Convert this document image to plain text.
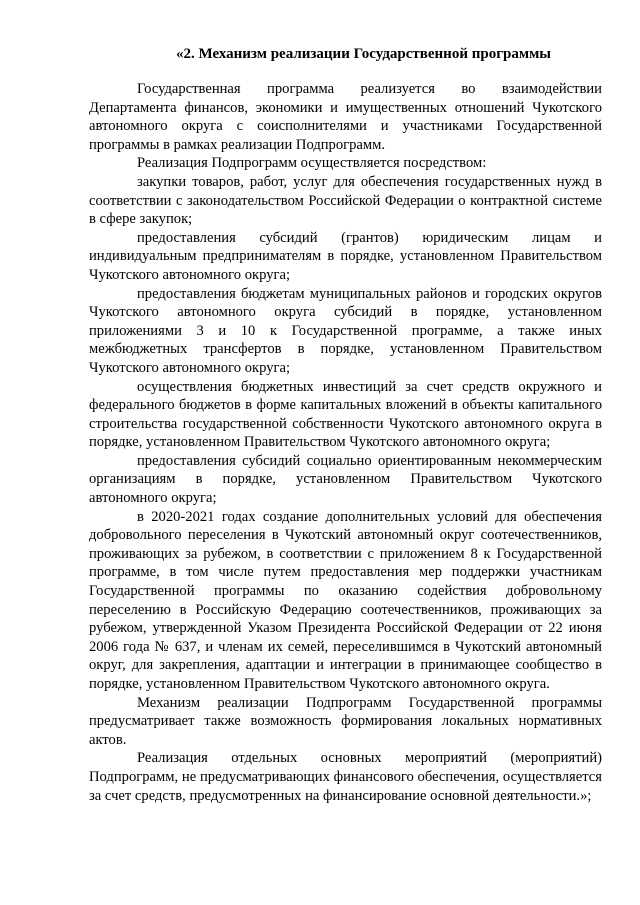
«2. Механизм реализации Государственной программы

Государственная программа реализуется во взаимодействии Департамента финансов, экономики и имущественных отношений Чукотского автономного округа с соисполнителями и участниками Государственной программы в рамках реализации Подпрограмм.

Реализация Подпрограмм осуществляется посредством:

закупки товаров, работ, услуг для обеспечения государственных нужд в соответствии с законодательством Российской Федерации о контрактной системе в сфере закупок;

предоставления субсидий (грантов) юридическим лицам и индивидуальным предпринимателям в порядке, установленном Правительством Чукотского автономного округа;

предоставления бюджетам муниципальных районов и городских округов Чукотского автономного округа субсидий в порядке, установленном приложениями 3 и 10 к Государственной программе, а также иных межбюджетных трансфертов в порядке, установленном Правительством Чукотского автономного округа;

осуществления бюджетных инвестиций за счет средств окружного и федерального бюджетов в форме капитальных вложений в объекты капитального строительства государственной собственности Чукотского автономного округа в порядке, установленном Правительством Чукотского автономного округа;

предоставления субсидий социально ориентированным некоммерческим организациям в порядке, установленном Правительством Чукотского автономного округа;

в 2020-2021 годах создание дополнительных условий для обеспечения добровольного переселения в Чукотский автономный округ соотечественников, проживающих за рубежом, в соответствии с приложением 8 к Государственной программе, в том числе путем предоставления мер поддержки участникам Государственной программы по оказанию содействия добровольному переселению в Российскую Федерацию соотечественников, проживающих за рубежом, утвержденной Указом Президента Российской Федерации от 22 июня 2006 года № 637, и членам их семей, переселившимся в Чукотский автономный округ, для закрепления, адаптации и интеграции в принимающее сообщество в порядке, установленном Правительством Чукотского автономного округа.

Механизм реализации Подпрограмм Государственной программы предусматривает также возможность формирования локальных нормативных актов.

Реализация отдельных основных мероприятий (мероприятий) Подпрограмм, не предусматривающих финансового обеспечения, осуществляется за счет средств, предусмотренных на финансирование основной деятельности.»;
